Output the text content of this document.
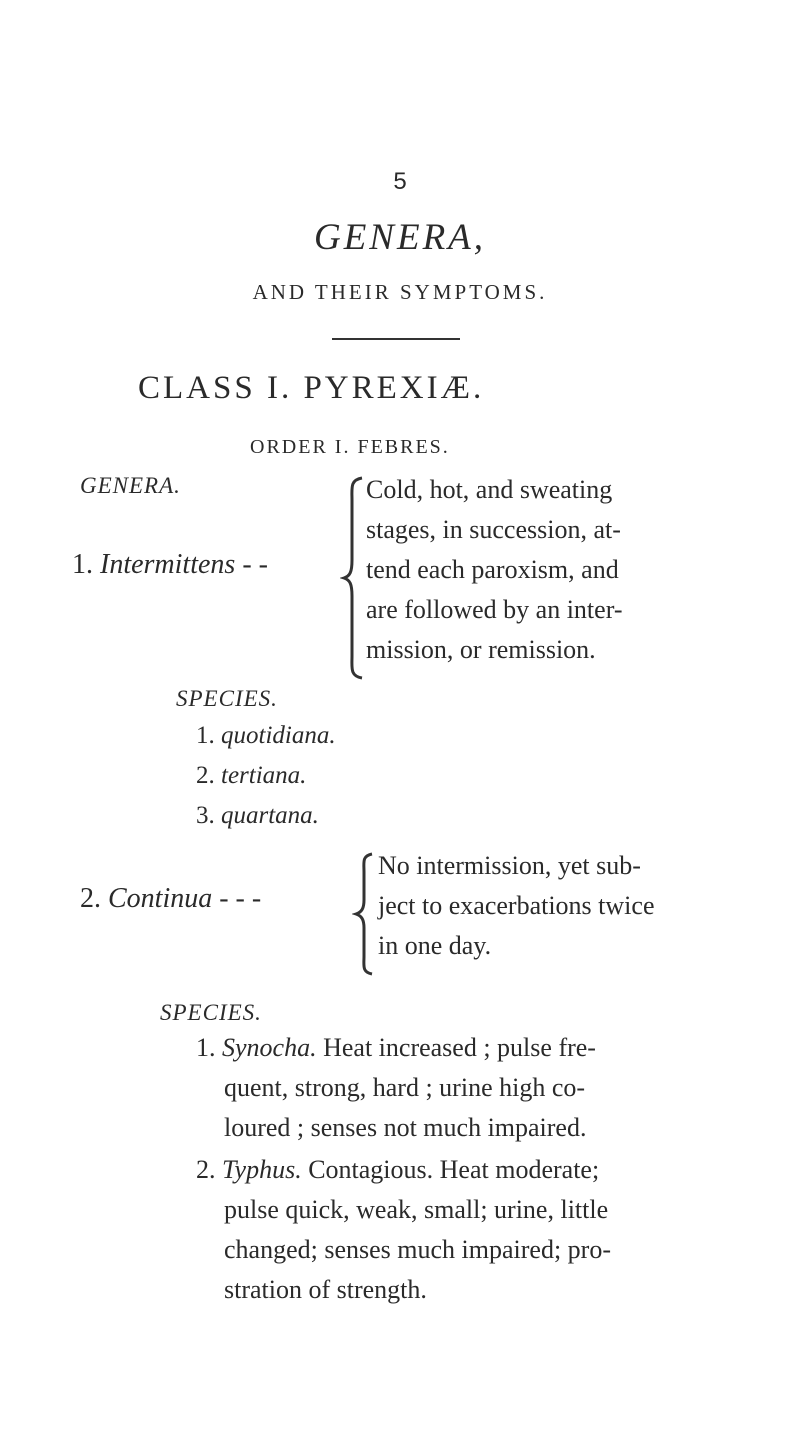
5
GENERA,
AND THEIR SYMPTOMS.
CLASS I. PYREXIÆ.
ORDER I. FEBRES.
GENERA.
1. Intermittens - -
Cold, hot, and sweating
stages, in succession, at-
tend each paroxism, and
are followed by an inter-
mission, or remission.
SPECIES.
1. quotidiana.
2. tertiana.
3. quartana.
2. Continua - - -
No intermission, yet sub-
ject to exacerbations twice
in one day.
SPECIES.
1. Synocha. Heat increased ; pulse fre-
quent, strong, hard ; urine high co-
loured ; senses not much impaired.
2. Typhus. Contagious. Heat moderate;
pulse quick, weak, small; urine, little
changed; senses much impaired; pro-
stration of strength.
